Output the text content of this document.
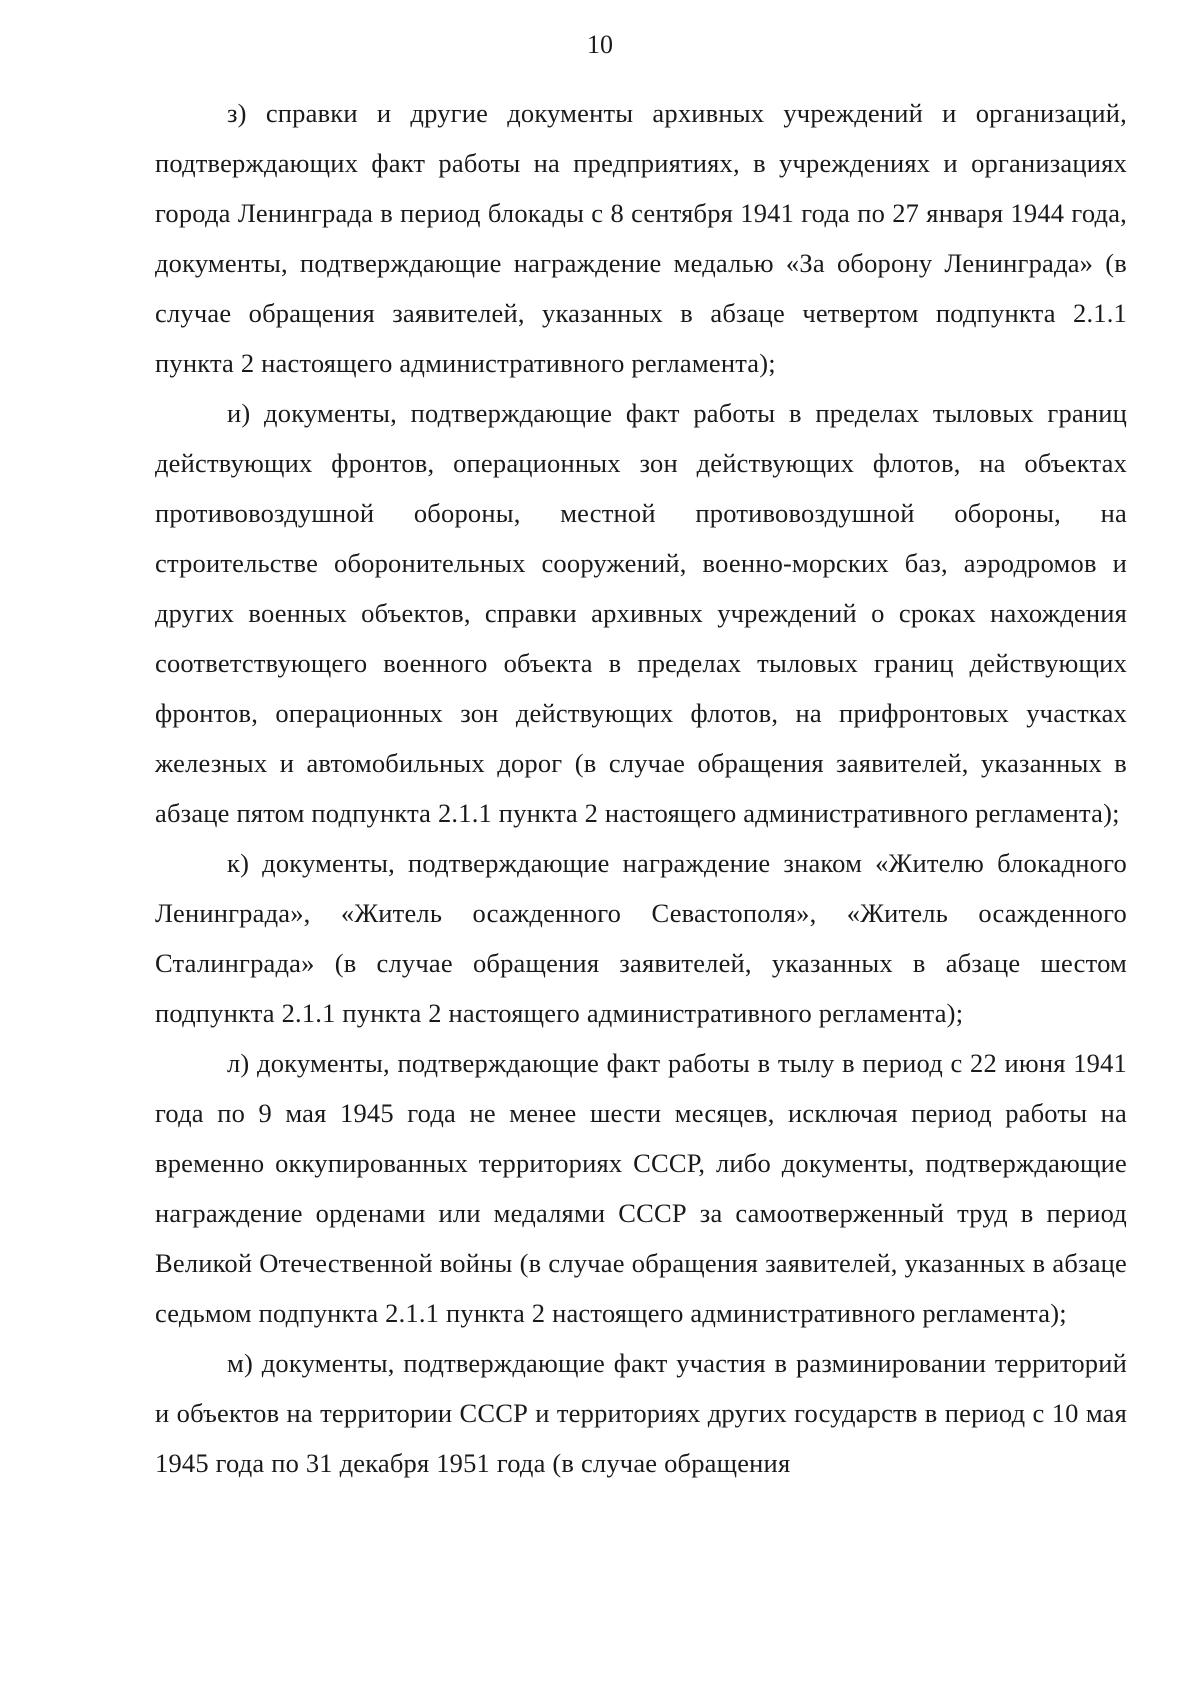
10

з) справки и другие документы архивных учреждений и организаций, подтверждающих факт работы на предприятиях, в учреждениях и организациях города Ленинграда в период блокады с 8 сентября 1941 года по 27 января 1944 года, документы, подтверждающие награждение медалью «За оборону Ленинграда» (в случае обращения заявителей, указанных в абзаце четвертом подпункта 2.1.1 пункта 2 настоящего административного регламента);

и) документы, подтверждающие факт работы в пределах тыловых границ действующих фронтов, операционных зон действующих флотов, на объектах противовоздушной обороны, местной противовоздушной обороны, на строительстве оборонительных сооружений, военно-морских баз, аэродромов и других военных объектов, справки архивных учреждений о сроках нахождения соответствующего военного объекта в пределах тыловых границ действующих фронтов, операционных зон действующих флотов, на прифронтовых участках железных и автомобильных дорог (в случае обращения заявителей, указанных в абзаце пятом подпункта 2.1.1 пункта 2 настоящего административного регламента);

к) документы, подтверждающие награждение знаком «Жителю блокадного Ленинграда», «Житель осажденного Севастополя», «Житель осажденного Сталинграда» (в случае обращения заявителей, указанных в абзаце шестом подпункта 2.1.1 пункта 2 настоящего административного регламента);

л) документы, подтверждающие факт работы в тылу в период с 22 июня 1941 года по 9 мая 1945 года не менее шести месяцев, исключая период работы на временно оккупированных территориях СССР, либо документы, подтверждающие награждение орденами или медалями СССР за самоотверженный труд в период Великой Отечественной войны (в случае обращения заявителей, указанных в абзаце седьмом подпункта 2.1.1 пункта 2 настоящего административного регламента);

м) документы, подтверждающие факт участия в разминировании территорий и объектов на территории СССР и территориях других государств в период с 10 мая 1945 года по 31 декабря 1951 года (в случае обращения
